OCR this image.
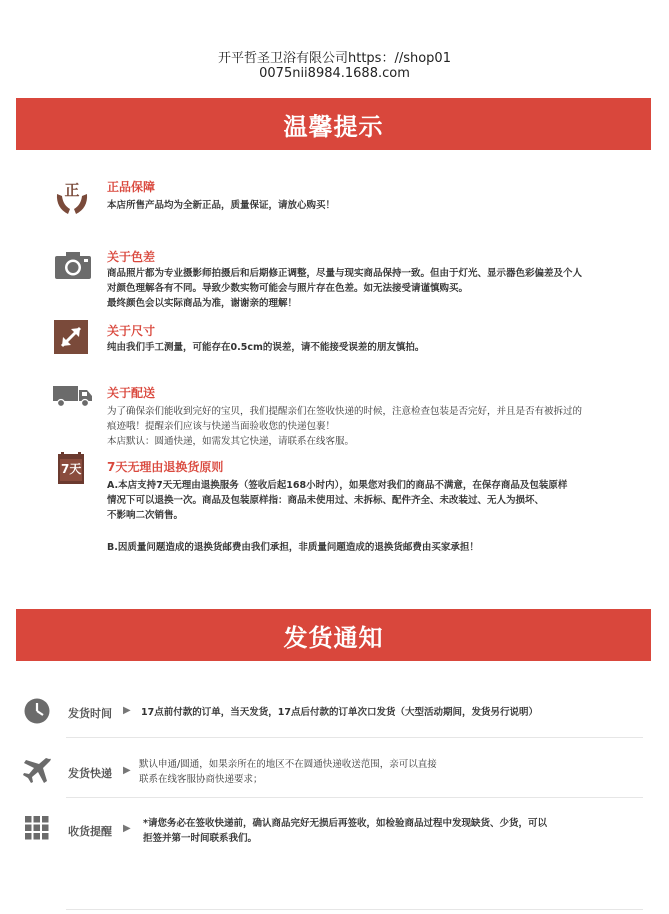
开平哲圣卫浴有限公司https：//shop01
0075nii8984.1688.com
温馨提示
正 正品保障
本店所售产品均为全新正品，质量保证，请放心购买！
关于色差
商品照片都为专业摄影师拍摄后和后期修正调整，尽量与现实商品保持一致。但由于灯光、显示器色彩偏差及个人
对颜色理解各有不同。导致少数实物可能会与照片存在色差。如无法接受请谨慎购买。
最终颜色会以实际商品为准，谢谢亲的理解！
关于尺寸
纯由我们手工测量，可能存在0.5cm的误差，请不能接受误差的朋友慎拍。
关于配送
为了确保亲们能收到完好的宝贝，我们提醒亲们在签收快递的时候，注意检查包装是否完好，并且是否有被拆过的
痕迹哦！提醒亲们应该与快递当面验收您的快递包裹！
本店默认：圆通快递，如需发其它快递，请联系在线客服。
7天 7天无理由退换货原则
A.本店支持7天无理由退换服务（签收后起168小时内），如果您对我们的商品不满意，在保存商品及包装原样
情况下可以退换一次。商品及包装原样指：商品未使用过、未拆标、配件齐全、未改装过、无人为损坏、
不影响二次销售。
B.因质量问题造成的退换货邮费由我们承担，非质量问题造成的退换货邮费由买家承担！
发货通知
发货时间 ▶ 17点前付款的订单，当天发货，17点后付款的订单次口发货（大型活动期间，发货另行说明）
发货快递 ▶
默认申通/圆通，如果亲所在的地区不在圆通快递收送范围，亲可以直接
联系在线客服协商快递要求；
收货提醒 ▶ *请您务必在签收快递前，确认商品完好无损后再签收，如检验商品过程中发现缺货、少货，可以
拒签并第一时间联系我们。
